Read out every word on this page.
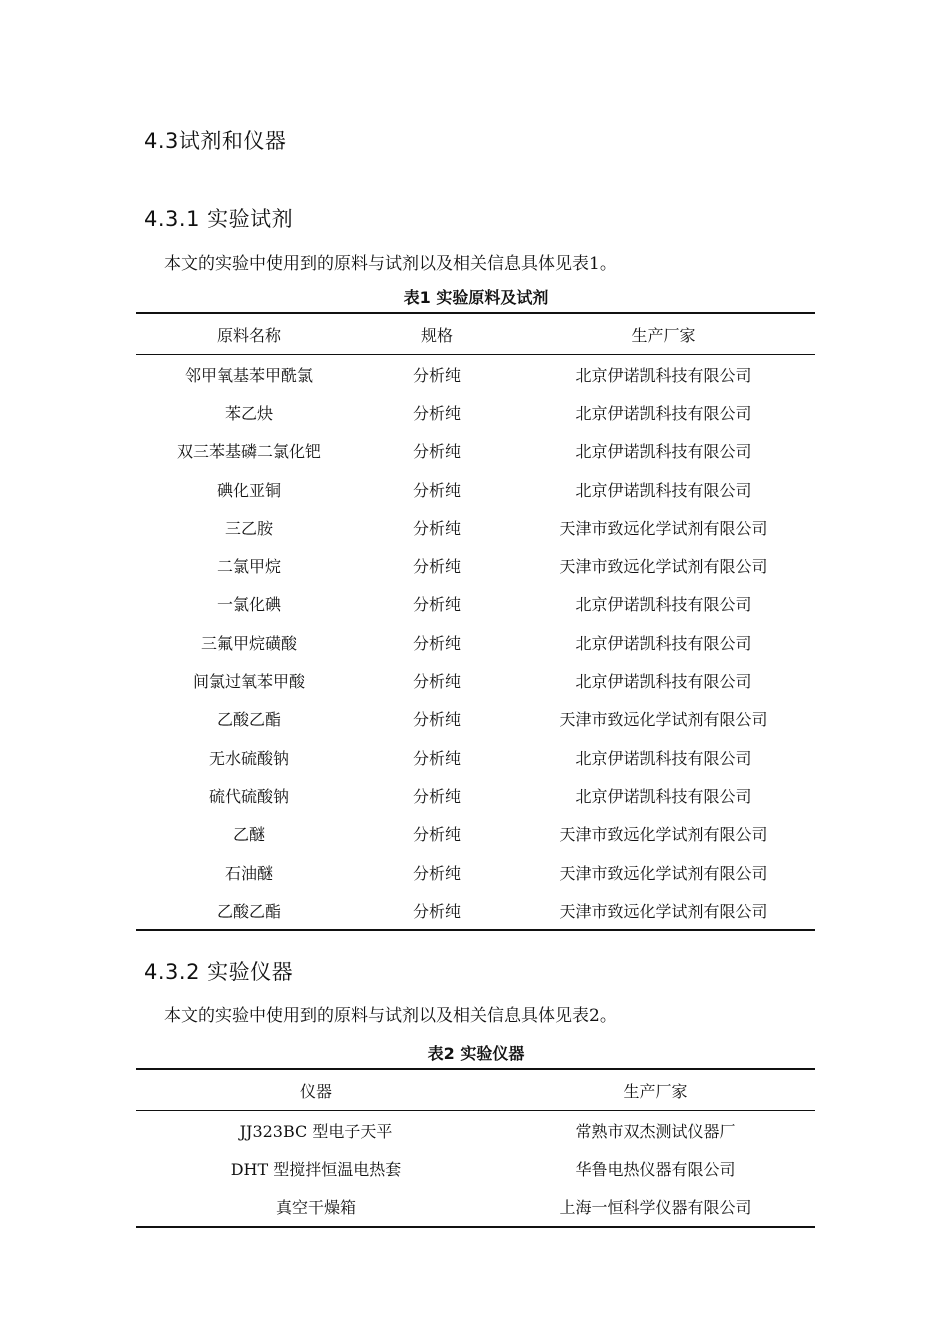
4.3试剂和仪器
4.3.1 实验试剂

本文的实验中使用到的原料与试剂以及相关信息具体见表1。

表1 实验原料及试剂

原料名称	规格	生产厂家
邻甲氧基苯甲酰氯	分析纯	北京伊诺凯科技有限公司
苯乙炔	分析纯	北京伊诺凯科技有限公司
双三苯基磷二氯化钯	分析纯	北京伊诺凯科技有限公司
碘化亚铜	分析纯	北京伊诺凯科技有限公司
三乙胺	分析纯	天津市致远化学试剂有限公司
二氯甲烷	分析纯	天津市致远化学试剂有限公司
一氯化碘	分析纯	北京伊诺凯科技有限公司
三氟甲烷磺酸	分析纯	北京伊诺凯科技有限公司
间氯过氧苯甲酸	分析纯	北京伊诺凯科技有限公司
乙酸乙酯	分析纯	天津市致远化学试剂有限公司
无水硫酸钠	分析纯	北京伊诺凯科技有限公司
硫代硫酸钠	分析纯	北京伊诺凯科技有限公司
乙醚	分析纯	天津市致远化学试剂有限公司
石油醚	分析纯	天津市致远化学试剂有限公司
乙酸乙酯	分析纯	天津市致远化学试剂有限公司
4.3.2 实验仪器

本文的实验中使用到的原料与试剂以及相关信息具体见表2。

表2 实验仪器

仪器	生产厂家
JJ323BC 型电子天平	常熟市双杰测试仪器厂
DHT 型搅拌恒温电热套	华鲁电热仪器有限公司
真空干燥箱	上海一恒科学仪器有限公司
